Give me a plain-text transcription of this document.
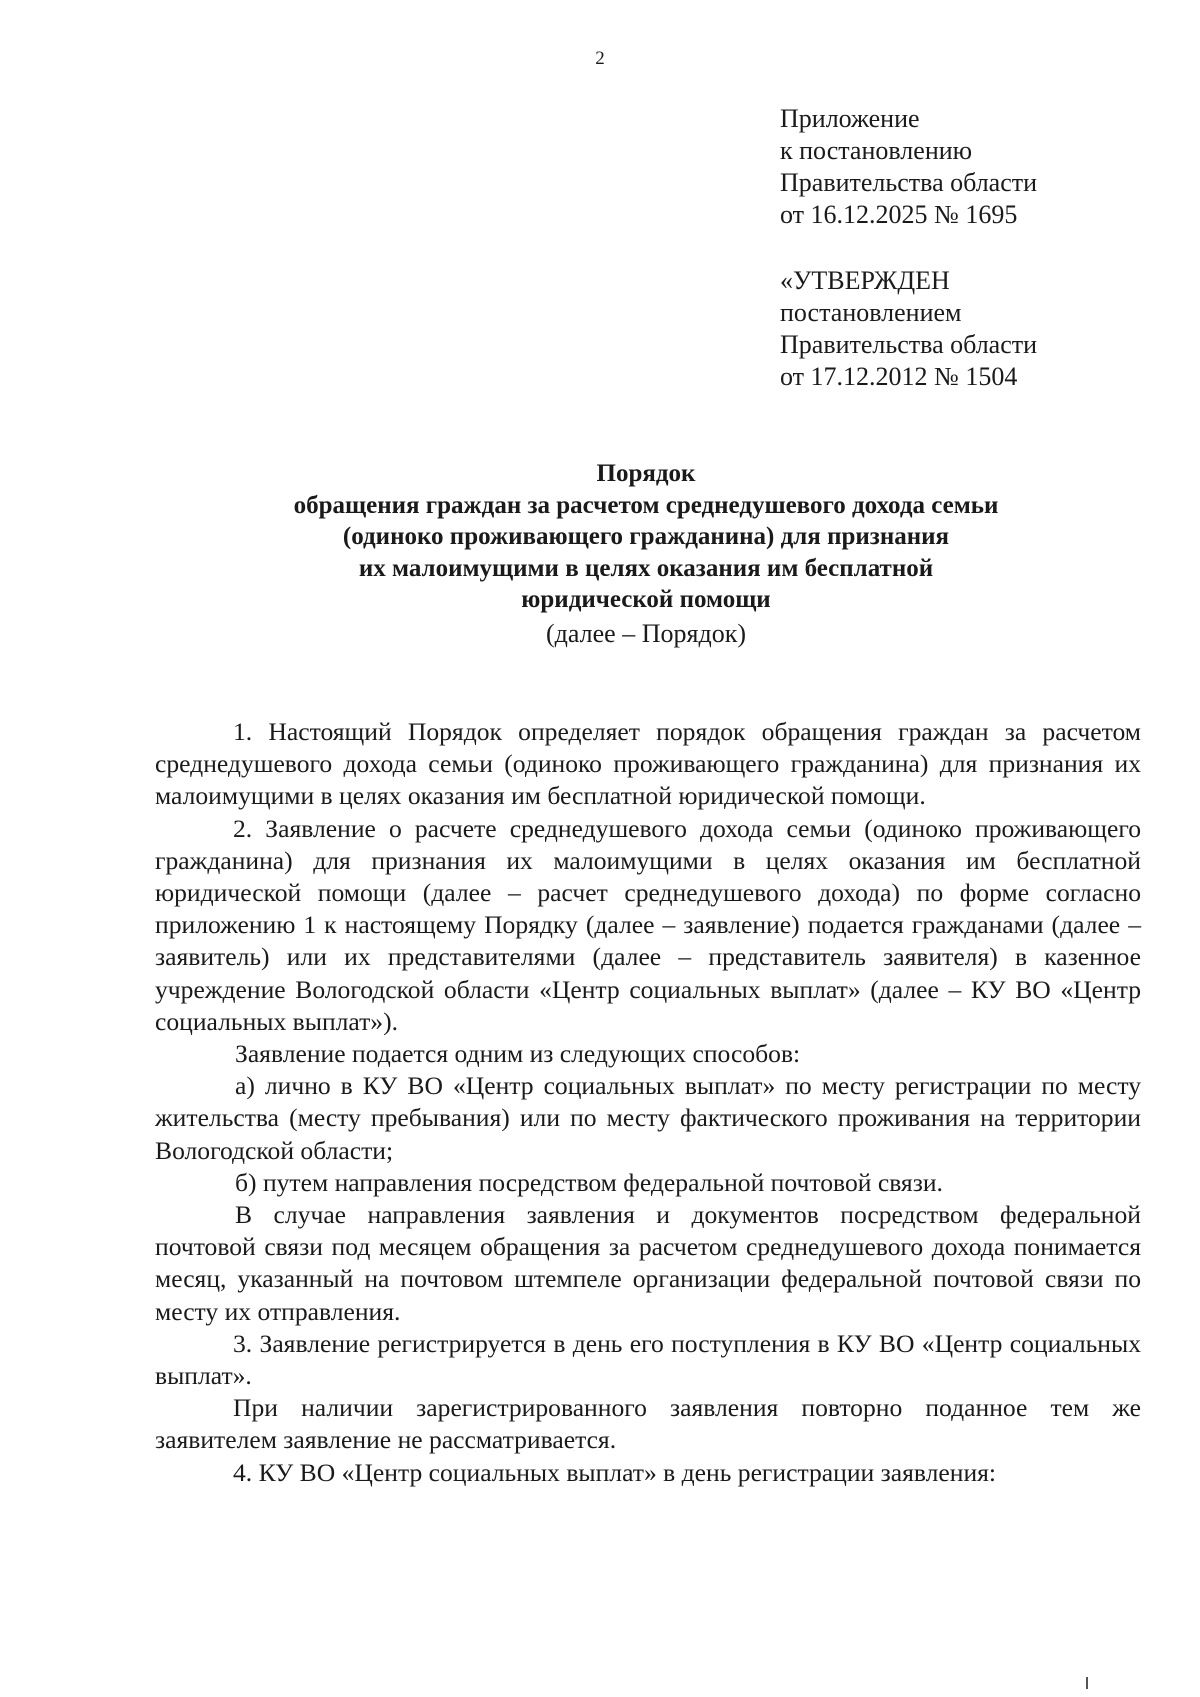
2
Приложение
к постановлению
Правительства области
от 16.12.2025 № 1695
«УТВЕРЖДЕН
постановлением
Правительства области
от 17.12.2012 № 1504
Порядок
обращения граждан за расчетом среднедушевого дохода семьи
(одиноко проживающего гражданина) для признания
их малоимущими в целях оказания им бесплатной
юридической помощи
(далее – Порядок)

1. Настоящий Порядок определяет порядок обращения граждан за расчетом среднедушевого дохода семьи (одиноко проживающего гражданина) для признания их малоимущими в целях оказания им бесплатной юридической помощи.

2. Заявление о расчете среднедушевого дохода семьи (одиноко проживающего гражданина) для признания их малоимущими в целях оказания им бесплатной юридической помощи (далее – расчет среднедушевого дохода) по форме согласно приложению 1 к настоящему Порядку (далее – заявление) подается гражданами (далее – заявитель) или их представителями (далее – представитель заявителя) в казенное учреждение Вологодской области «Центр социальных выплат» (далее – КУ ВО «Центр социальных выплат»).

Заявление подается одним из следующих способов:

а) лично в КУ ВО «Центр социальных выплат» по месту регистрации по месту жительства (месту пребывания) или по месту фактического проживания на территории Вологодской области;

б) путем направления посредством федеральной почтовой связи.

В случае направления заявления и документов посредством федеральной почтовой связи под месяцем обращения за расчетом среднедушевого дохода понимается месяц, указанный на почтовом штемпеле организации федеральной почтовой связи по месту их отправления.

3. Заявление регистрируется в день его поступления в КУ ВО «Центр социальных выплат».

При наличии зарегистрированного заявления повторно поданное тем же заявителем заявление не рассматривается.

4. КУ ВО «Центр социальных выплат» в день регистрации заявления:
